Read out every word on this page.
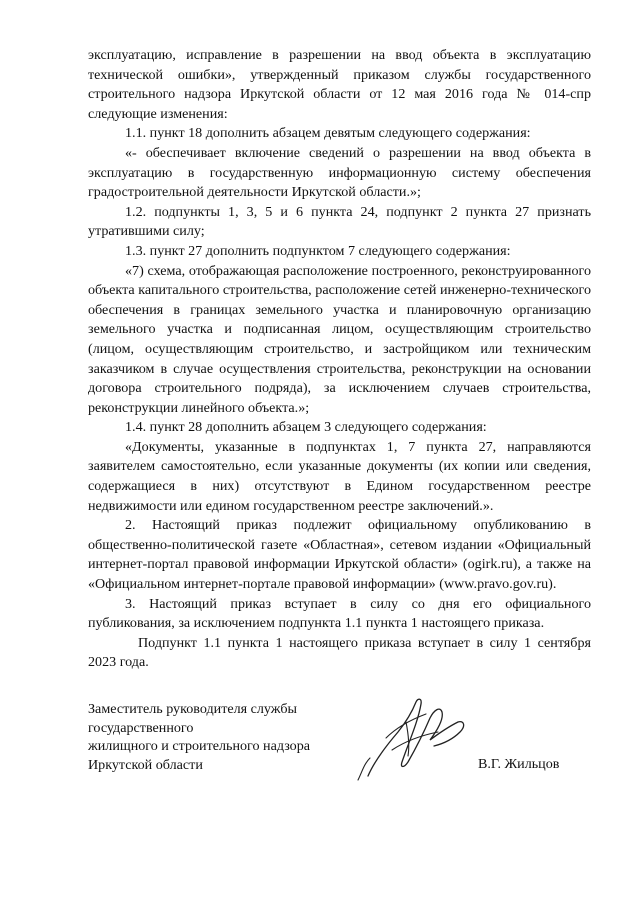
эксплуатацию, исправление в разрешении на ввод объекта в эксплуатацию технической ошибки», утвержденный приказом службы государственного строительного надзора Иркутской области от 12 мая 2016 года № 014-спр следующие изменения:

1.1. пункт 18 дополнить абзацем девятым следующего содержания:

«- обеспечивает включение сведений о разрешении на ввод объекта в эксплуатацию в государственную информационную систему обеспечения градостроительной деятельности Иркутской области.»;

1.2. подпункты 1, 3, 5 и 6 пункта 24, подпункт 2 пункта 27 признать утратившими силу;

1.3. пункт 27 дополнить подпунктом 7 следующего содержания:

«7) схема, отображающая расположение построенного, реконструированного объекта капитального строительства, расположение сетей инженерно-технического обеспечения в границах земельного участка и планировочную организацию земельного участка и подписанная лицом, осуществляющим строительство (лицом, осуществляющим строительство, и застройщиком или техническим заказчиком в случае осуществления строительства, реконструкции на основании договора строительного подряда), за исключением случаев строительства, реконструкции линейного объекта.»;

1.4. пункт 28 дополнить абзацем 3 следующего содержания:

«Документы, указанные в подпунктах 1, 7 пункта 27, направляются заявителем самостоятельно, если указанные документы (их копии или сведения, содержащиеся в них) отсутствуют в Едином государственном реестре недвижимости или едином государственном реестре заключений.».

2. Настоящий приказ подлежит официальному опубликованию в общественно-политической газете «Областная», сетевом издании «Официальный интернет-портал правовой информации Иркутской области» (ogirk.ru), а также на «Официальном интернет-портале правовой информации» (www.pravo.gov.ru).

3. Настоящий приказ вступает в силу со дня его официального публикования, за исключением подпункта 1.1 пункта 1 настоящего приказа.

Подпункт 1.1 пункта 1 настоящего приказа вступает в силу 1 сентября 2023 года.

Заместитель руководителя службы
государственного
жилищного и строительного надзора
Иркутской области	В.Г. Жильцов
